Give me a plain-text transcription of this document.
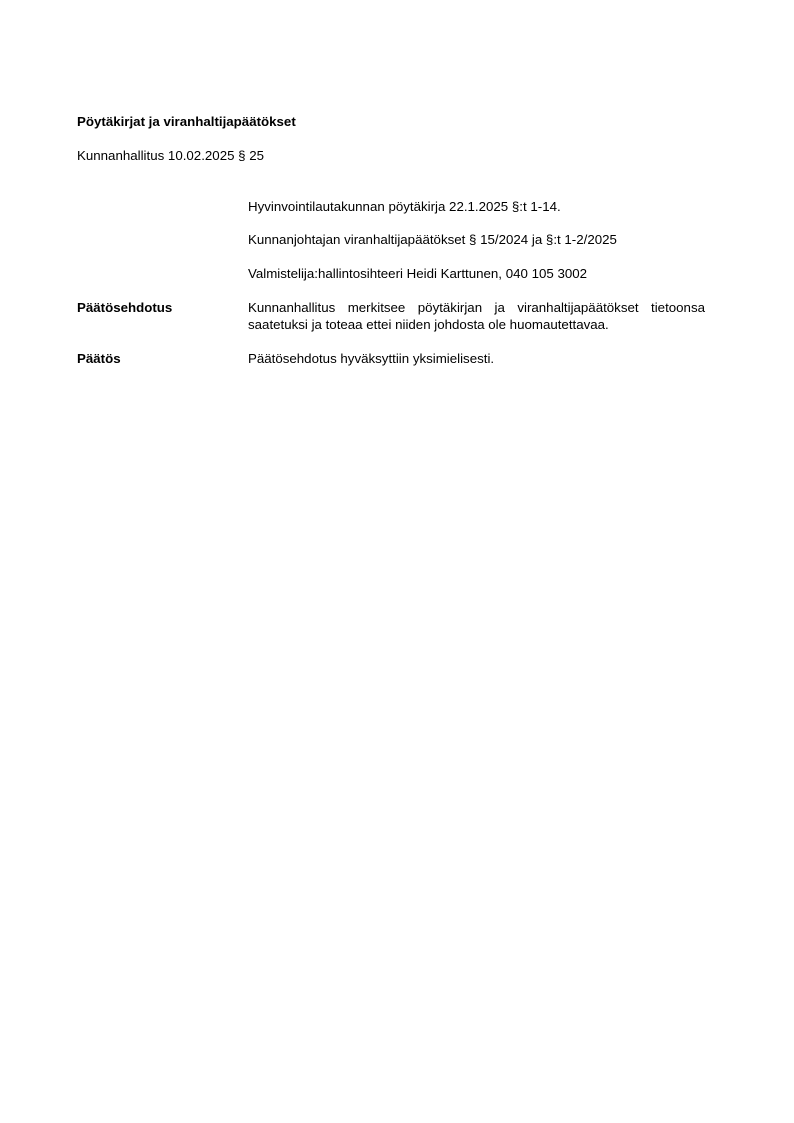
Pöytäkirjat ja viranhaltijapäätökset
Kunnanhallitus 10.02.2025 § 25
Hyvinvointilautakunnan pöytäkirja 22.1.2025 §:t 1-14.
Kunnanjohtajan viranhaltijapäätökset § 15/2024 ja §:t 1-2/2025
Valmistelija:hallintosihteeri Heidi Karttunen, 040 105 3002
Päätösehdotus	Kunnanhallitus merkitsee pöytäkirjan ja viranhaltijapäätökset tietoonsa saatetuksi ja toteaa ettei niiden johdosta ole huomautettavaa.
Päätös	Päätösehdotus hyväksyttiin yksimielisesti.
